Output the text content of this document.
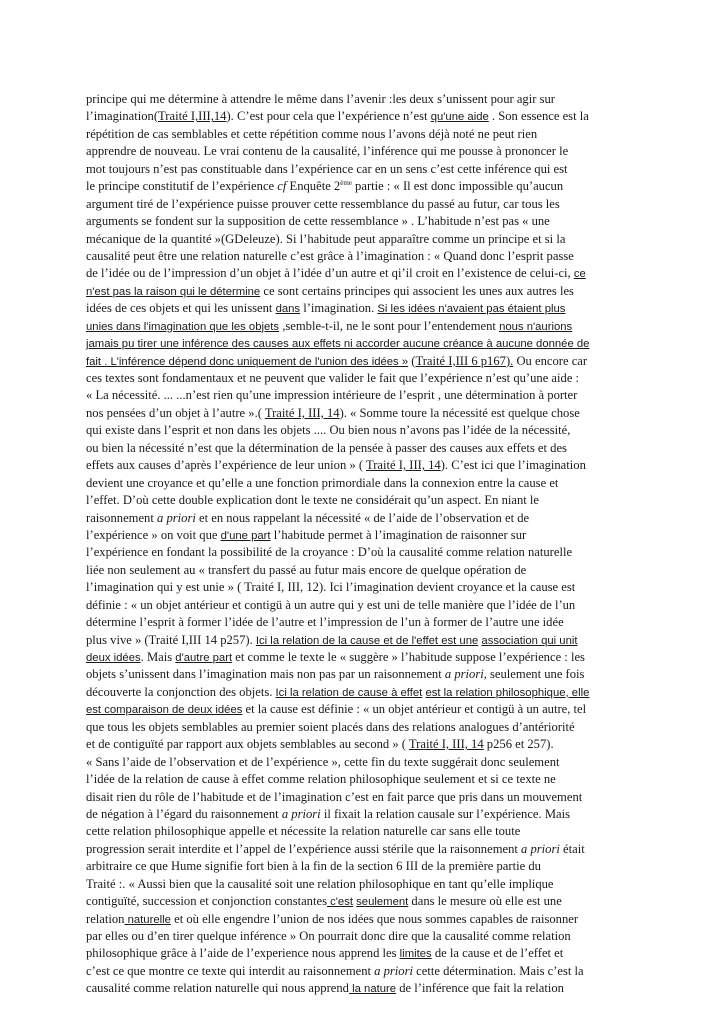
principe qui me détermine à attendre le même dans l’avenir :les deux s’unissent pour agir sur
l’imagination(Traité I,III,14). C’est pour cela que l’expérience n’est qu'une aide . Son essence est la
répétition de cas semblables et cette répétition comme nous l’avons déjà noté ne peut rien
apprendre de nouveau. Le vrai contenu de la causalité, l’inférence qui me pousse à prononcer le
mot toujours n’est pas constituable dans l’expérience car en un sens c’est cette inférence qui est
le principe constitutif de l’expérience cf Enquête 2ème partie : « Il est donc impossible qu’aucun
argument tiré de l’expérience puisse prouver cette ressemblance du passé au futur, car tous les
arguments se fondent sur la supposition de cette ressemblance » . L’habitude n’est pas « une
mécanique de la quantité »(GDeleuze). Si l’habitude peut apparaître comme un principe et si la
causalité peut être une relation naturelle c’est grâce à l’imagination : « Quand donc l’esprit passe
de l’idée ou de l’impression d’un objet à l’idée d’un autre et qi’il croit en l’existence de celui-ci, ce
n'est pas la raison qui le détermine ce sont certains principes qui associent les unes aux autres les
idées de ces objets et qui les unissent dans l’imagination. Si les idées n'avaient pas étaient plus
unies dans l'imagination que les objets ,semble-t-il, ne le sont pour l’entendement nous n'aurions
jamais pu tirer une inférence des causes aux effets ni accorder aucune créance à aucune donnée de
fait . L'inférence dépend donc uniquement de l'union des idées » (Traité I,III 6 p167). Ou encore car
ces textes sont fondamentaux et ne peuvent que valider le fait que l’expérience n’est qu’une aide :
« La nécessité. ... ...n’est rien qu’une impression intérieure de l’esprit , une détermination à porter
nos pensées d’un objet à l’autre ».( Traité I, III, 14). « Somme toure la nécessité est quelque chose
qui existe dans l’esprit et non dans les objets .... Ou bien nous n’avons pas l’idée de la nécessité,
ou bien la nécessité n’est que la détermination de la pensée à passer des causes aux effets et des
effets aux causes d’après l’expérience de leur union » ( Traité I, III, 14). C’est ici que l’imagination
devient une croyance et qu’elle a une fonction primordiale dans la connexion entre la cause et
l’effet. D’où cette double explication dont le texte ne considérait qu’un aspect. En niant le
raisonnement a priori et en nous rappelant la nécessité « de l’aide de l’observation et de
l’expérience » on voit que d'une part l’habitude permet à l’imagination de raisonner sur
l’expérience en fondant la possibilité de la croyance : D’où la causalité comme relation naturelle
liée non seulement au « transfert du passé au futur mais encore de quelque opération de
l’imagination qui y est unie » ( Traité I, III, 12). Ici l’imagination devient croyance et la cause est
définie : « un objet antérieur et contigü à un autre qui y est uni de telle manière que l’idée de l’un
détermine l’esprit à former l’idée de l’autre et l’impression de l’un à former de l’autre une idée
plus vive » (Traité I,III 14 p257). Ici la relation de la cause et de l'effet est une association qui unit
deux idées. Mais d'autre part et comme le texte le « suggère » l’habitude suppose l’expérience : les
objets s’unissent dans l’imagination mais non pas par un raisonnement a priori, seulement une fois
découverte la conjonction des objets. Ici la relation de cause à effet est la relation philosophique, elle
est comparaison de deux idées et la cause est définie : « un objet antérieur et contigü à un autre, tel
que tous les objets semblables au premier soient placés dans des relations analogues d’antériorité
et de contiguïté par rapport aux objets semblables au second » ( Traité I, III, 14 p256 et 257).
« Sans l’aide de l’observation et de l’expérience », cette fin du texte suggérait donc seulement
l’idée de la relation de cause à effet comme relation philosophique seulement et si ce texte ne
disait rien du rôle de l’habitude et de l’imagination c’est en fait parce que pris dans un mouvement
de négation à l’égard du raisonnement a priori il fixait la relation causale sur l’expérience. Mais
cette relation philosophique appelle et nécessite la relation naturelle car sans elle toute
progression serait interdite et l’appel de l’expérience aussi stérile que la raisonnement a priori était
arbitraire ce que Hume signifie fort bien à la fin de la section 6 III de la première partie du
Traité :. « Aussi bien que la causalité soit une relation philosophique en tant qu’elle implique
contiguïté, succession et conjonction constantes c'est seulement dans le mesure où elle est une
relation naturelle et où elle engendre l’union de nos idées que nous sommes capables de raisonner
par elles ou d’en tirer quelque inférence » On pourrait donc dire que la causalité comme relation
philosophique grâce à l’aide de l’experience nous apprend les limites de la cause et de l’effet et
c’est ce que montre ce texte qui interdit au raisonnement a priori cette détermination. Mais c’est la
causalité comme relation naturelle qui nous apprend la nature de l’inférence que fait la relation
